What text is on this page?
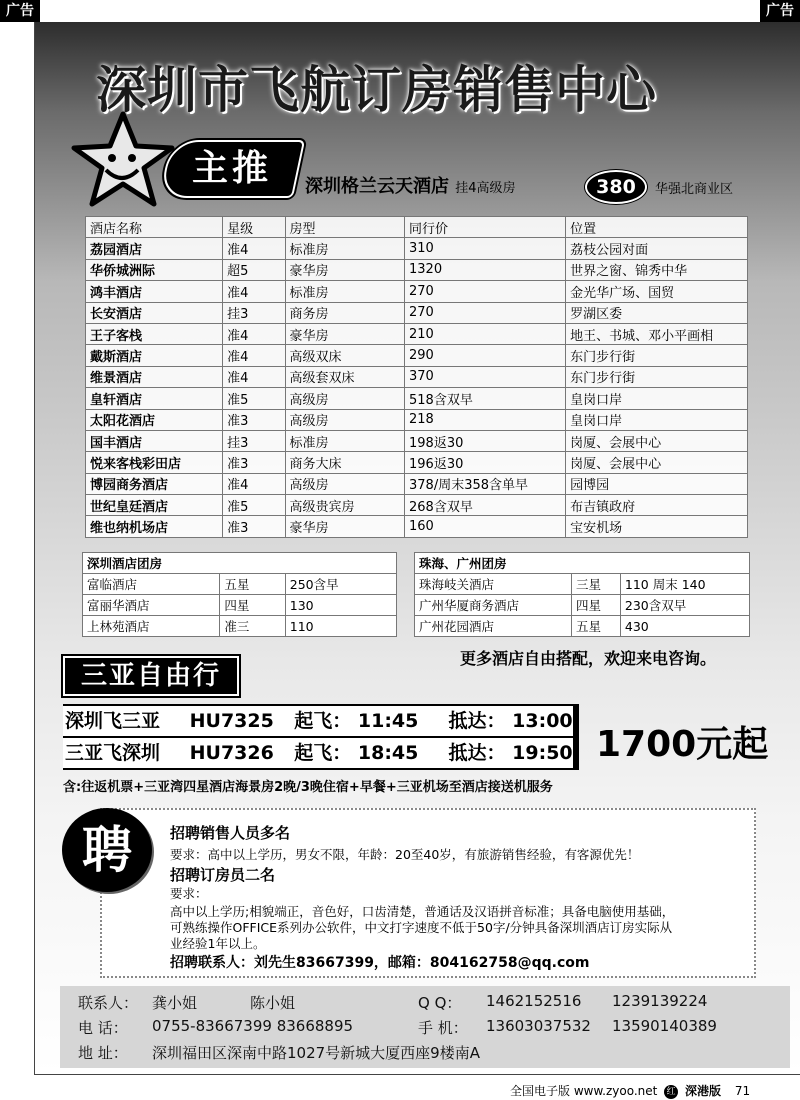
广告	广告
深圳市飞航订房销售中心
主推	深圳格兰云天酒店 挂4高级房	380	华强北商业区
酒店名称	星级	房型	同行价	位置
荔园酒店	准4	标准房	310	荔枝公园对面
华侨城洲际	超5	豪华房	1320	世界之窗、锦秀中华
鸿丰酒店	准4	标准房	270	金光华广场、国贸
长安酒店	挂3	商务房	270	罗湖区委
王子客栈	准4	豪华房	210	地王、书城、邓小平画相
戴斯酒店	准4	高级双床	290	东门步行街
维景酒店	准4	高级套双床	370	东门步行街
皇轩酒店	准5	高级房	518含双早	皇岗口岸
太阳花酒店	准3	高级房	218	皇岗口岸
国丰酒店	挂3	标准房	198返30	岗厦、会展中心
悦来客栈彩田店	准3	商务大床	196返30	岗厦、会展中心
博园商务酒店	准4	高级房	378/周末358含单早	园博园
世纪皇廷酒店	准5	高级贵宾房	268含双早	布吉镇政府
维也纳机场店	准3	豪华房	160	宝安机场
深圳酒店团房		
富临酒店	五星	250含早
富丽华酒店	四星	130
上林苑酒店	准三	110
珠海、广州团房		
珠海岐关酒店	三星	110 周末 140
广州华厦商务酒店	四星	230含双早
广州花园酒店	五星	430
更多酒店自由搭配，欢迎来电咨询。
三亚自由行
深圳飞三亚 HU7325 起飞： 11:45 抵达： 13:00
三亚飞深圳 HU7326 起飞： 18:45 抵达： 19:50 1700元起
含:往返机票+三亚湾四星酒店海景房2晚/3晚住宿+早餐+三亚机场至酒店接送机服务
聘	招聘销售人员多名
要求：高中以上学历，男女不限，年龄：20至40岁，有旅游销售经验，有客源优先！
招聘订房员二名
要求：
高中以上学历;相貌端正，音色好，口齿清楚，普通话及汉语拼音标准；具备电脑使用基础，
可熟练操作OFFICE系列办公软件，中文打字速度不低于50字/分钟具备深圳酒店订房实际从
业经验1年以上。
招聘联系人：刘先生83667399，邮箱：804162758@qq.com
联系人： 龚小姐	陈小姐	Q Q： 1462152516 1239139224
电 话： 0755-83667399 83668895	手 机： 13603037532 13590140389
地 址： 深圳福田区深南中路1027号新城大厦西座9楼南A
全国电子版 www.zyoo.net 红 深港版 71
